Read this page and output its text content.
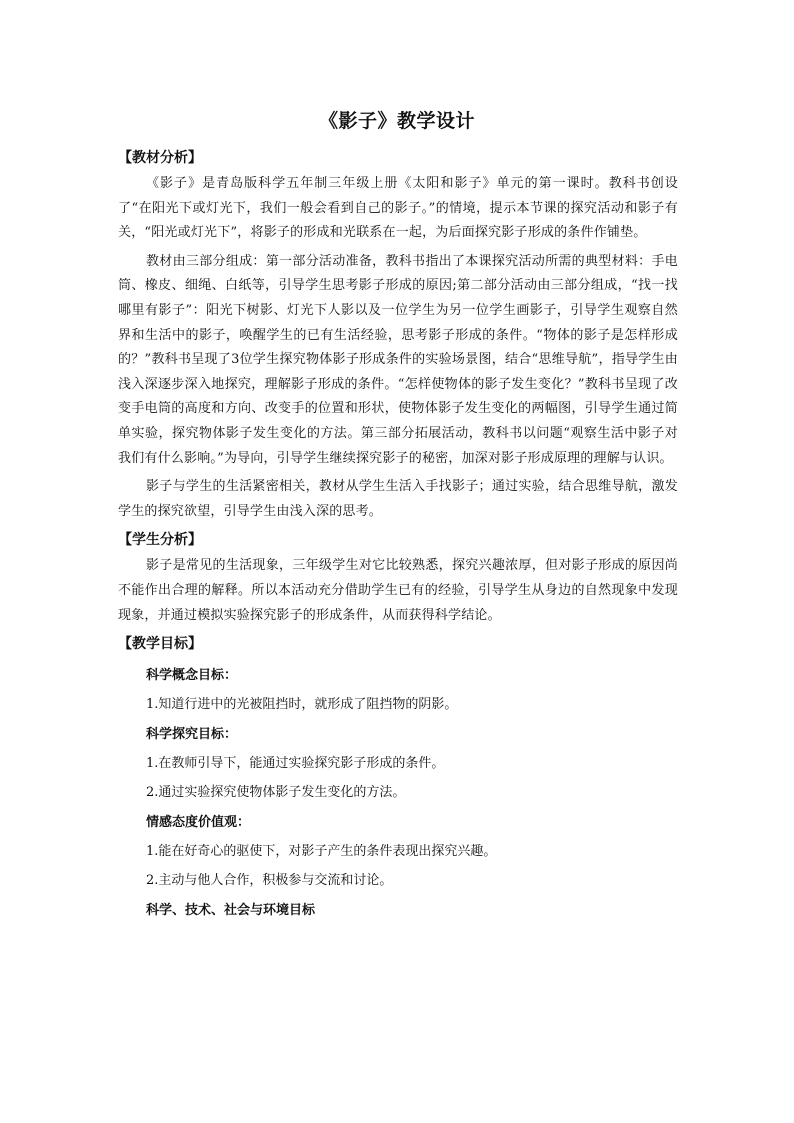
《影子》教学设计
【教材分析】

《影子》是青岛版科学五年制三年级上册《太阳和影子》单元的第一课时。教科书创设了“在阳光下或灯光下，我们一般会看到自己的影子。”的情境，提示本节课的探究活动和影子有关，“阳光或灯光下”，将影子的形成和光联系在一起，为后面探究影子形成的条件作铺垫。

教材由三部分组成：第一部分活动准备，教科书指出了本课探究活动所需的典型材料：手电筒、橡皮、细绳、白纸等，引导学生思考影子形成的原因;第二部分活动由三部分组成，“找一找哪里有影子”：阳光下树影、灯光下人影以及一位学生为另一位学生画影子，引导学生观察自然界和生活中的影子，唤醒学生的已有生活经验，思考影子形成的条件。“物体的影子是怎样形成的？”教科书呈现了3位学生探究物体影子形成条件的实验场景图，结合“思维导航”，指导学生由浅入深逐步深入地探究，理解影子形成的条件。“怎样使物体的影子发生变化？”教科书呈现了改变手电筒的高度和方向、改变手的位置和形状，使物体影子发生变化的两幅图，引导学生通过简单实验，探究物体影子发生变化的方法。第三部分拓展活动，教科书以问题“观察生活中影子对我们有什么影响。”为导向，引导学生继续探究影子的秘密，加深对影子形成原理的理解与认识。

影子与学生的生活紧密相关，教材从学生生活入手找影子；通过实验，结合思维导航，激发学生的探究欲望，引导学生由浅入深的思考。

【学生分析】

影子是常见的生活现象，三年级学生对它比较熟悉，探究兴趣浓厚，但对影子形成的原因尚不能作出合理的解释。所以本活动充分借助学生已有的经验，引导学生从身边的自然现象中发现现象，并通过模拟实验探究影子的形成条件，从而获得科学结论。

【教学目标】
科学概念目标：
1.知道行进中的光被阻挡时，就形成了阻挡物的阴影。
科学探究目标：
1.在教师引导下，能通过实验探究影子形成的条件。
2.通过实验探究使物体影子发生变化的方法。
情感态度价值观：
1.能在好奇心的驱使下，对影子产生的条件表现出探究兴趣。
2.主动与他人合作，积极参与交流和讨论。
科学、技术、社会与环境目标
